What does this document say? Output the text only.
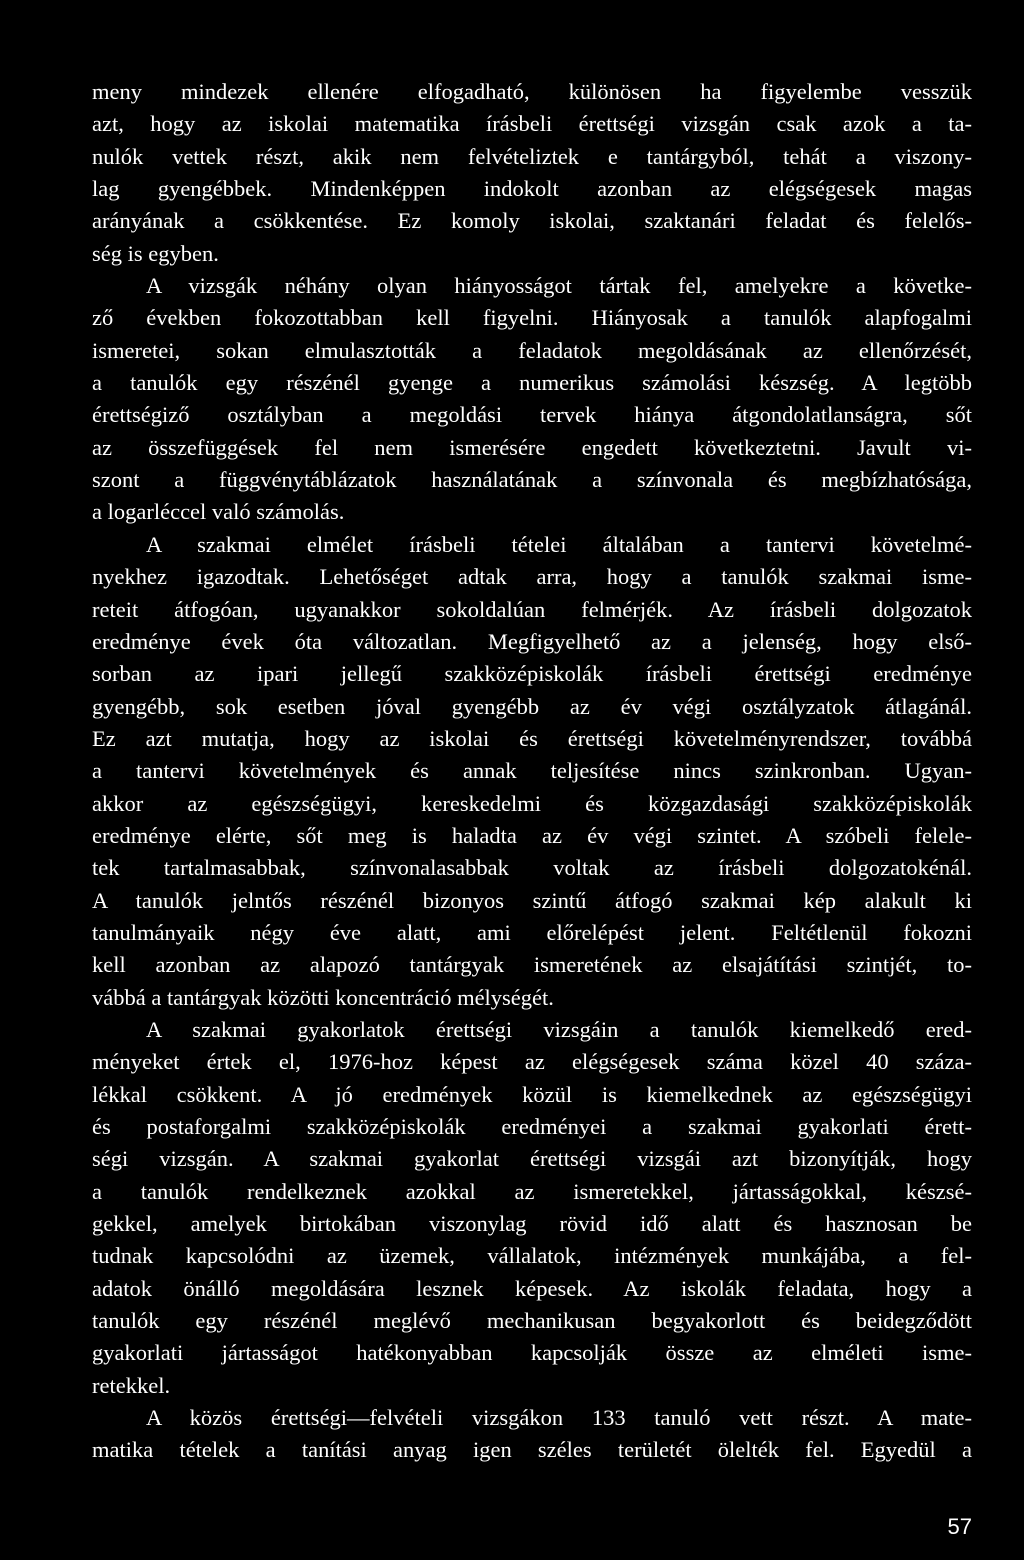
meny mindezek ellenére elfogadható, különösen ha figyelembe vesszük
azt, hogy az iskolai matematika írásbeli érettségi vizsgán csak azok a ta-
nulók vettek részt, akik nem felvételiztek e tantárgyból, tehát a viszony-
lag gyengébbek. Mindenképpen indokolt azonban az elégségesek magas
arányának a csökkentése. Ez komoly iskolai, szaktanári feladat és felelős-
ség is egyben.
A vizsgák néhány olyan hiányosságot tártak fel, amelyekre a követke-
ző években fokozottabban kell figyelni. Hiányosak a tanulók alapfogalmi
ismeretei, sokan elmulasztották a feladatok megoldásának az ellenőrzését,
a tanulók egy részénél gyenge a numerikus számolási készség. A legtöbb
érettségiző osztályban a megoldási tervek hiánya átgondolatlanságra, sőt
az összefüggések fel nem ismerésére engedett következtetni. Javult vi-
szont a függvénytáblázatok használatának a színvonala és megbízhatósága,
a logarléccel való számolás.
A szakmai elmélet írásbeli tételei általában a tantervi követelmé-
nyekhez igazodtak. Lehetőséget adtak arra, hogy a tanulók szakmai isme-
reteit átfogóan, ugyanakkor sokoldalúan felmérjék. Az írásbeli dolgozatok
eredménye évek óta változatlan. Megfigyelhető az a jelenség, hogy első-
sorban az ipari jellegű szakközépiskolák írásbeli érettségi eredménye
gyengébb, sok esetben jóval gyengébb az év végi osztályzatok átlagánál.
Ez azt mutatja, hogy az iskolai és érettségi követelményrendszer, továbbá
a tantervi követelmények és annak teljesítése nincs szinkronban. Ugyan-
akkor az egészségügyi, kereskedelmi és közgazdasági szakközépiskolák
eredménye elérte, sőt meg is haladta az év végi szintet. A szóbeli felele-
tek tartalmasabbak, színvonalasabbak voltak az írásbeli dolgozatokénál.
A tanulók jelntős részénél bizonyos szintű átfogó szakmai kép alakult ki
tanulmányaik négy éve alatt, ami előrelépést jelent. Feltétlenül fokozni
kell azonban az alapozó tantárgyak ismeretének az elsajátítási szintjét, to-
vábbá a tantárgyak közötti koncentráció mélységét.
A szakmai gyakorlatok érettségi vizsgáin a tanulók kiemelkedő ered-
ményeket értek el, 1976-hoz képest az elégségesek száma közel 40 száza-
lékkal csökkent. A jó eredmények közül is kiemelkednek az egészségügyi
és postaforgalmi szakközépiskolák eredményei a szakmai gyakorlati érett-
ségi vizsgán. A szakmai gyakorlat érettségi vizsgái azt bizonyítják, hogy
a tanulók rendelkeznek azokkal az ismeretekkel, jártasságokkal, készsé-
gekkel, amelyek birtokában viszonylag rövid idő alatt és hasznosan be
tudnak kapcsolódni az üzemek, vállalatok, intézmények munkájába, a fel-
adatok önálló megoldására lesznek képesek. Az iskolák feladata, hogy a
tanulók egy részénél meglévő mechanikusan begyakorlott és beidegződött
gyakorlati jártasságot hatékonyabban kapcsolják össze az elméleti isme-
retekkel.
A közös érettségi—felvételi vizsgákon 133 tanuló vett részt. A mate-
matika tételek a tanítási anyag igen széles területét ölelték fel. Egyedül a
57
